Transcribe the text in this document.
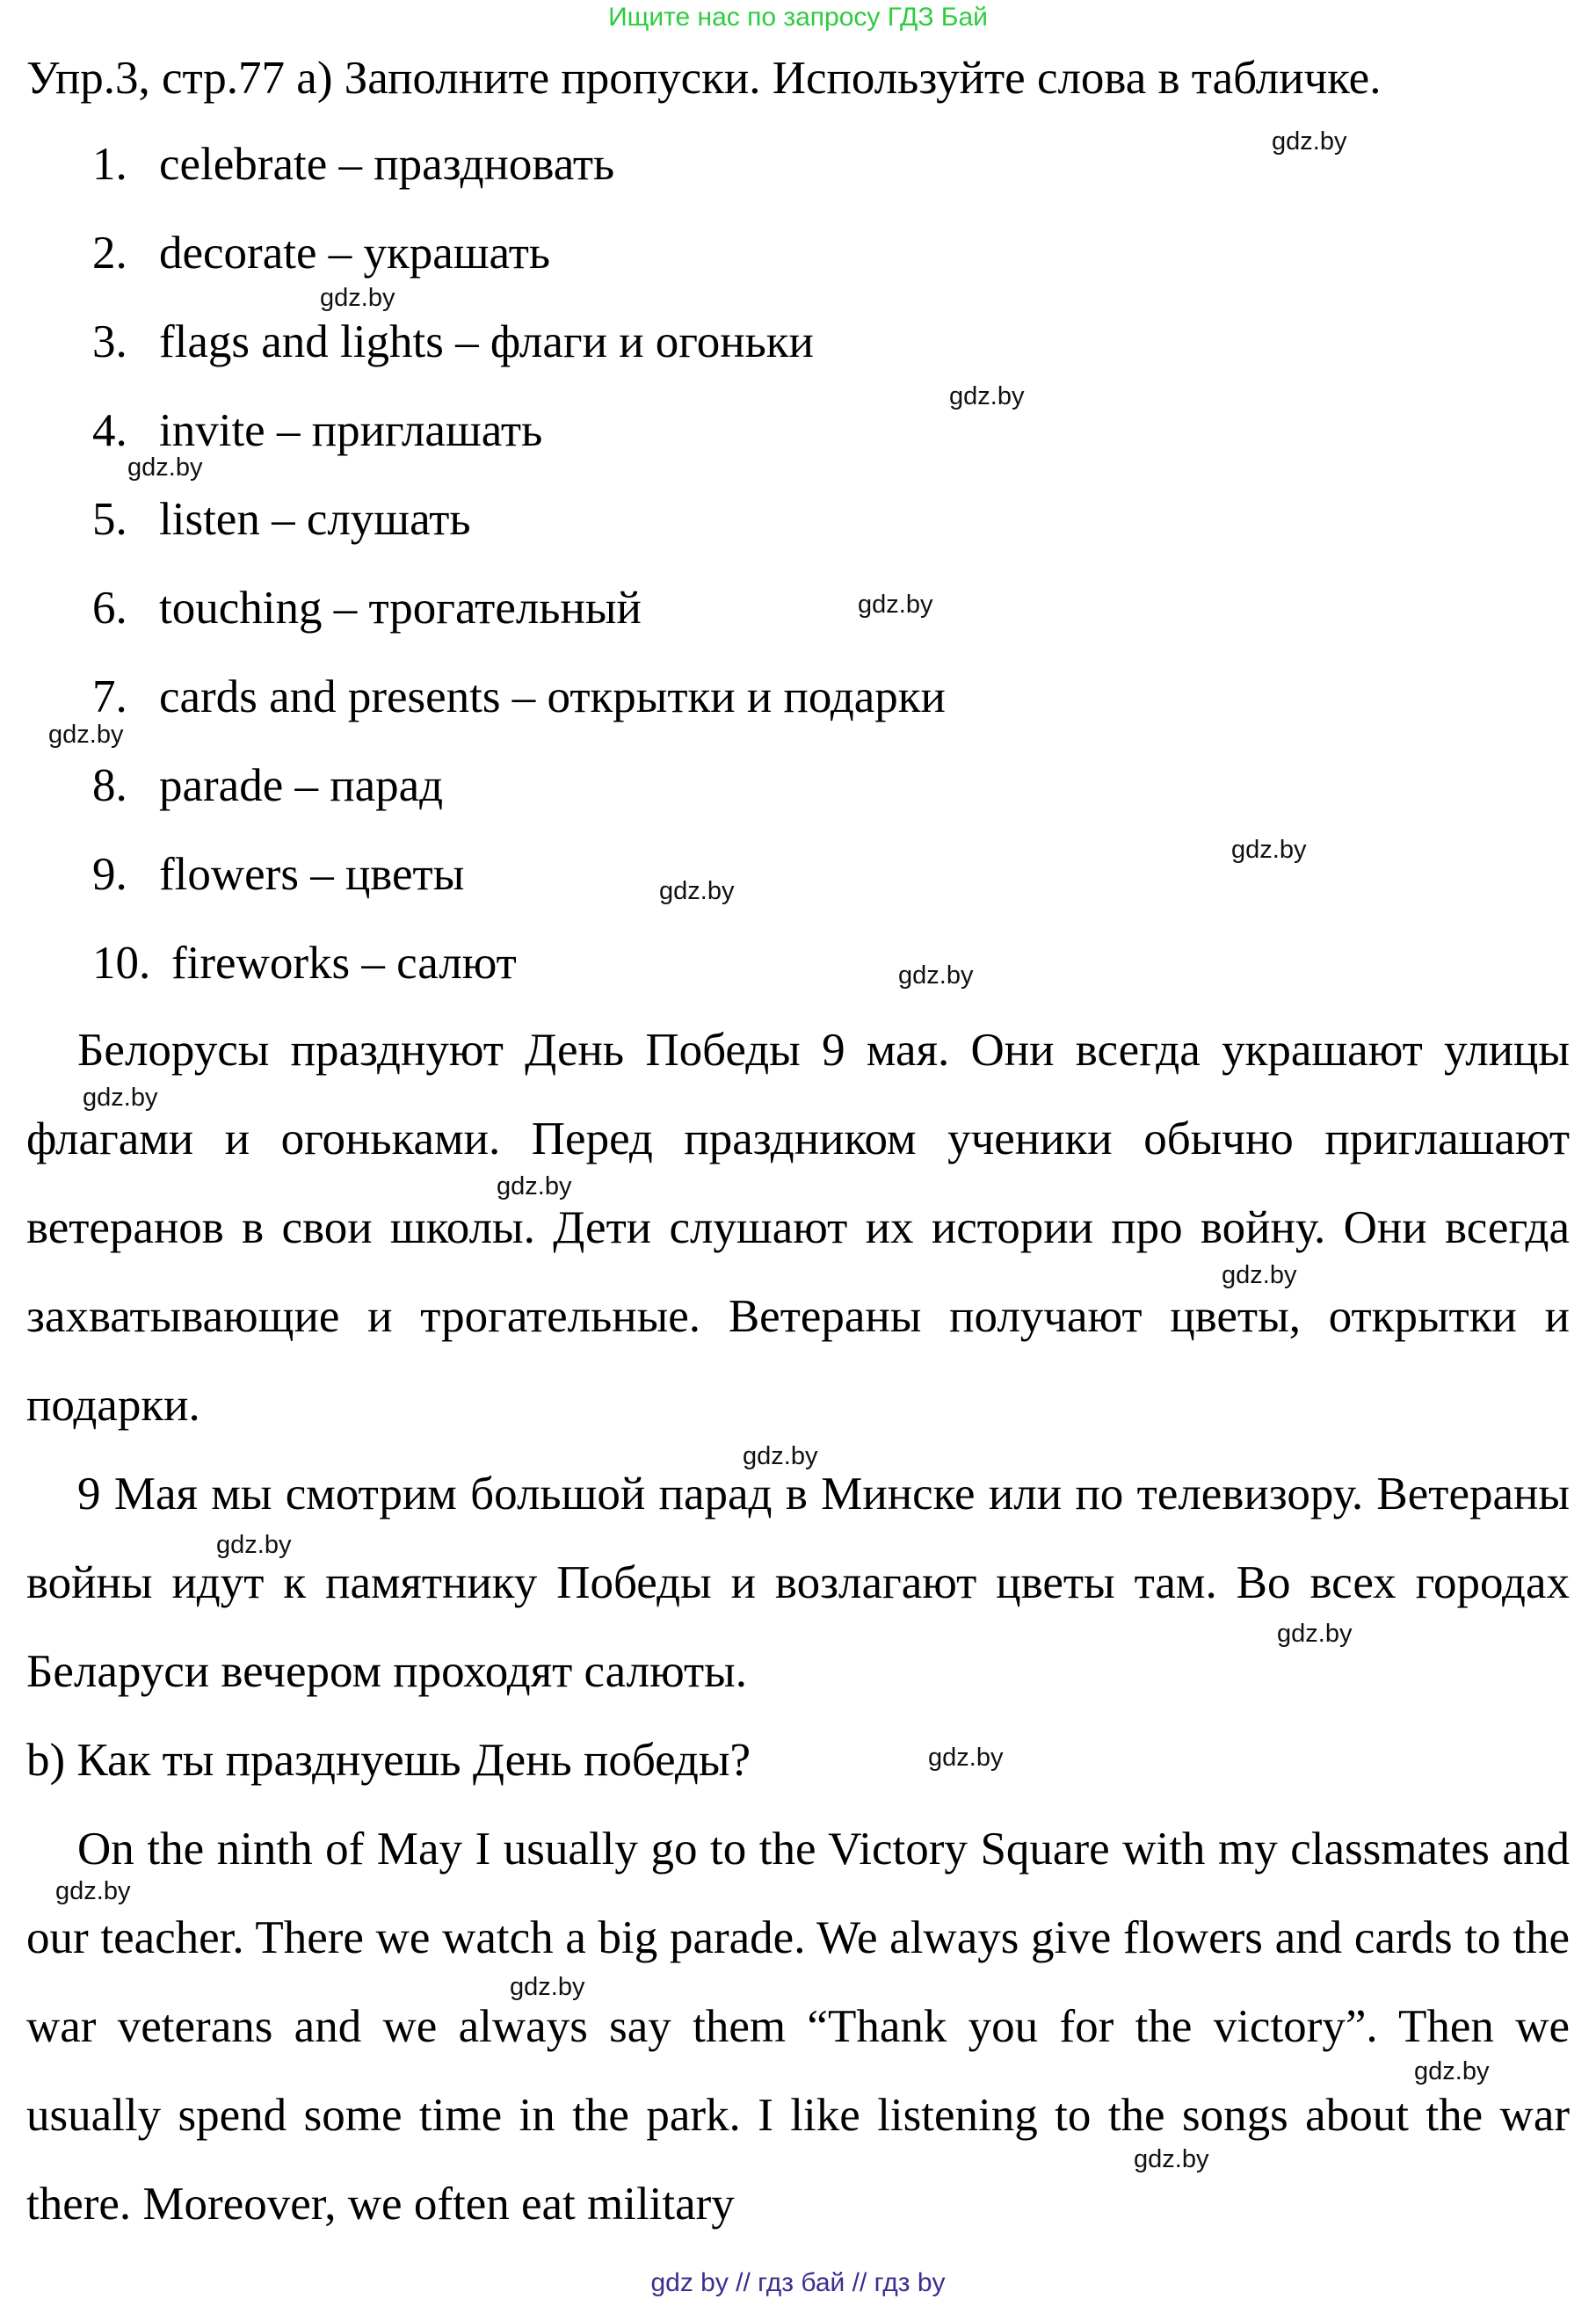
Ищите нас по запросу ГДЗ Бай
Упр.3, стр.77 а) Заполните пропуски. Используйте слова в табличке.
1. celebrate – праздновать
2. decorate – украшать
3. flags and lights – флаги и огоньки
4. invite – приглашать
5. listen – слушать
6. touching – трогательный
7. cards and presents – открытки и подарки
8. parade – парад
9. flowers – цветы
10. fireworks – салют

Белорусы празднуют День Победы 9 мая. Они всегда украшают улицы флагами и огоньками. Перед праздником ученики обычно приглашают ветеранов в свои школы. Дети слушают их истории про войну. Они всегда захватывающие и трогательные. Ветераны получают цветы, открытки и подарки.

9 Мая мы смотрим большой парад в Минске или по телевизору. Ветераны войны идут к памятнику Победы и возлагают цветы там. Во всех городах Беларуси вечером проходят салюты.

b) Как ты празднуешь День победы?

On the ninth of May I usually go to the Victory Square with my classmates and our teacher. There we watch a big parade. We always give flowers and cards to the war veterans and we always say them “Thank you for the victory”. Then we usually spend some time in the park. I like listening to the songs about the war there. Moreover, we often eat military

gdz.by
gdz.by
gdz.by
gdz.by
gdz.by
gdz.by
gdz.by
gdz.by
gdz.by
gdz.by
gdz.by
gdz.by
gdz.by
gdz.by
gdz.by
gdz.by
gdz.by
gdz.by
gdz.by
gdz.by
gdz by // гдз бай // гдз by
